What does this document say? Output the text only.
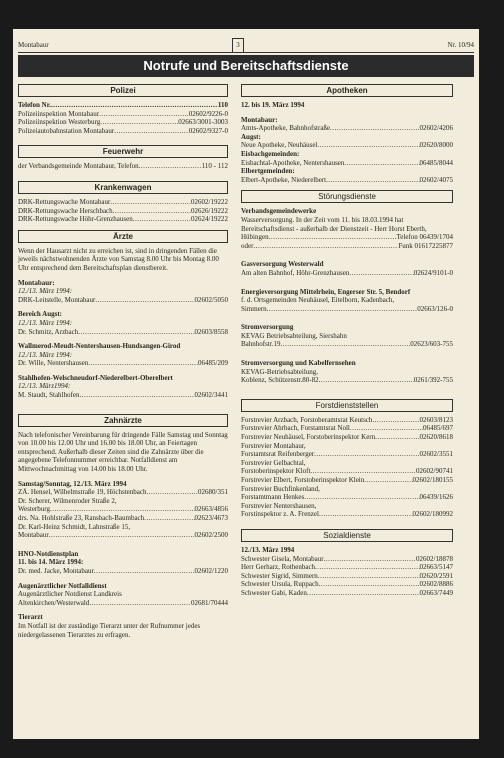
Montabaur	3	Nr. 10/94
Notrufe und Bereitschaftsdienste
Polizei
Telefon Nr. .....	110
Polizeiinspektion Montabaur .....	02602/9226-0
Polizeiinspektion Westerburg .....	02663/3001-3003
Polizeiautobahnstation Montabaur .....	02602/9327-0
Feuerwehr
der Verbandsgemeinde Montabaur, Telefon .....	110 - 112
Krankenwagen
DRK-Rettungswache Montabaur .....	02602/19222
DRK-Rettungswache Herschbach .....	02626/19222
DRK-Rettungswache Höhr-Grenzhausen .....	02624/19222
Ärzte

Wenn der Hausarzt nicht zu erreichen ist, sind in dringenden Fällen die jeweils nächstwohnenden Ärzte von Samstag 8.00 Uhr bis Montag 8.00 Uhr entsprechend dem Bereitschaftsplan dienstbereit.

Montabaur:
12./13. März 1994:
DRK-Leitstelle, Montabaur .....	02602/5050
Bereich Augst:
12./13. März 1994:
Dr. Schmitz, Arzbach .....	02603/8558
Wallmerod-Meudt-Nentershausen-Hundsangen-Girod
12./13. März 1994:
Dr. Wille, Nentershausen .....	06485/209
Stahlhofen-Welschneudorf-Niederelbert-Oberelbert
12./13. März1994:
M. Staudt, Stahlhofen .....	02602/3441
Zahnärzte

Nach telefonischer Vereinbarung für dringende Fälle Samstag und Sonntag von 10.00 bis 12.00 Uhr und 16.00 bis 18.00 Uhr, an Feiertagen entsprechend. Außerhalb dieser Zeiten sind die Zahnärzte über die angegebene Telefonnummer erreichbar. Notfalldienst am Mittwochnachmittag von 14.00 bis 18.00 Uhr.

Samstag/Sonntag, 12./13. März 1994
ZÄ. Hensel, Wilhelmstraße 19, Höchstenbach .....	02680/351
Dr. Scherer, Wilmenroder Straße 2,
Westerburg .....	02663/4856
drs. Na. Hohlstraße 23, Ransbach-Baumbach .....	02623/4673
Dr. Karl-Heinz Schmidt, Lahnstraße 15,
Montabaur .....	02602/2500
HNO-Notdienstplan
11. bis 14. März 1994:
Dr. med. Jacke, Montabaur .....	02602/1220
Augenärztlicher Notfalldienst
Augenärztlicher Notdienst Landkreis
Altenkirchen/Westerwald .....	02681/70444
Tierarzt

Im Notfall ist der zuständige Tierarzt unter der Rufnummer jedes niedergelassenen Tierarztes zu erfragen.

Apotheken
12. bis 19. März 1994
Montabaur:
Amts-Apotheke, Bahnhofstraße .....	02602/4206
Augst:
Neue Apotheke, Neuhäusel .....	02620/8000
Eisbachgemeinden:
Eisbachtal-Apotheke, Nentershausen .....	06485/8044
Elbertgemeinden:
Elbert-Apotheke, Niederelbert .....	02602/4075
Störungsdienste
Verbandsgemeindewerke

Wasserversorgung. In der Zeit vom 11. bis 18.03.1994 hat Bereitschaftsdienst - außerhalb der Dienstzeit - Herr Horst Eberth,

Hübingen .....	Telefon 06439/1704
oder .....	Funk 01617225877
Gasversorgung Westerwald
Am alten Bahnhof, Höhr-Grenzhausen .....	02624/9101-0
Energieversorgung Mittelrhein, Engerser Str. 5, Bendorf
f. d. Ortsgemeinden Neuhäusel, Eitelborn, Kadenbach,
Simmern .....	02663/126-0
Stromversorgung
KEVAG Betriebsabteilung, Siershahn
Bahnhofstr.19 .....	02623/603-755
Stromversorgung und Kabelfernsehen
KEVAG-Betriebsabteilung,
Koblenz, Schützenstr.80-82 .....	0261/392-755
Forstdienststellen
Forstrevier Arzbach, Forstoberamtsrat Keutsch .....	02603/8123
Forstrevier Ahrbach, Forstamtsrat Noll .....	06485/697
Forstrevier Neuhäusel, Forstoberinspektor Kern .....	02620/8618
Forstrevier Montabaur,
Forstamtsrat Reifenberger .....	02602/3551
Forstrevier Gelbachtal,
Forstoberinspektor Kloft .....	02602/90741
Forstrevier Elbert, Forstoberinspektor Klein .....	02602/180155
Forstrevier Buchfinkenland,
Forstamtmann Henkes .....	06439/1626
Forstrevier Nentershausen,
Forstinspektor z. A. Frenzel .....	02602/180992
Sozialdienste
12./13. März 1994
Schwester Gisela, Montabaur .....	02602/18878
Herr Gerharz, Rothenbach .....	02663/5147
Schwester Sigrid, Simmern .....	02620/2591
Schwester Ursula, Ruppach .....	02602/8886
Schwester Gabi, Kaden .....	02663/7449
